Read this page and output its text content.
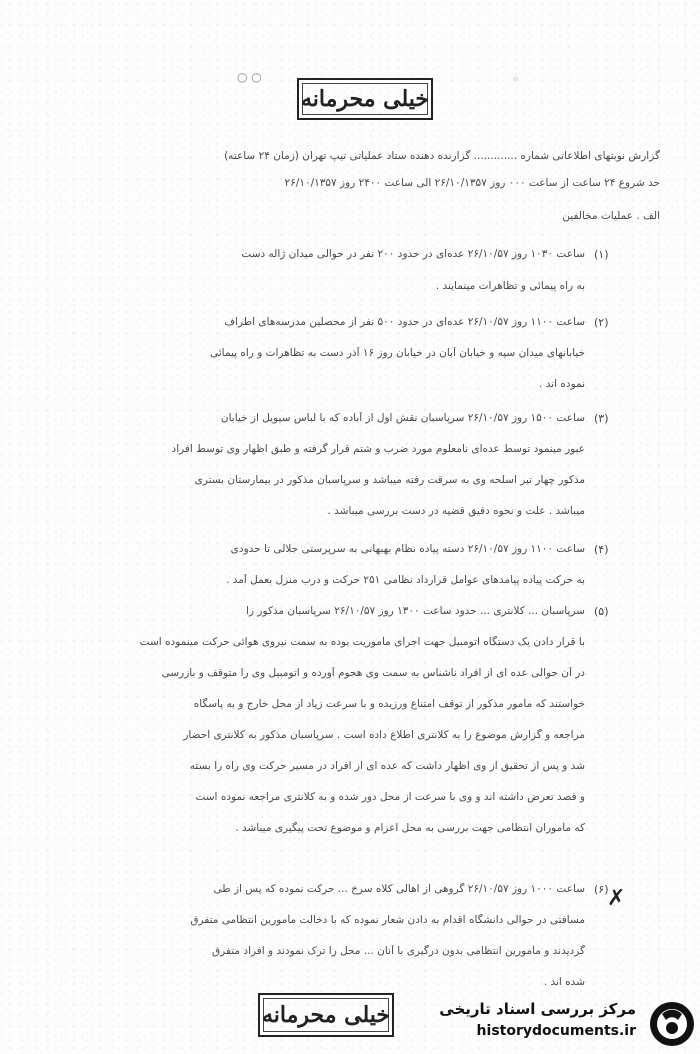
○ ○	◦
خیلی محرمانه
گزارش نوبتهای اطلاعاتی شماره ............. گزارنده دهنده ستاد عملیاتی تیپ تهران (زمان ۲۴ ساعته)
حد شروع ۲۴ ساعت از ساعت ۰۰۰ روز ۲۶/۱۰/۱۳۵۷ الی ساعت ۲۴۰۰ روز ۲۶/۱۰/۱۳۵۷
الف . عملیات مخالفین
(۱)
ساعت ۱۰۳۰ روز ۲۶/۱۰/۵۷ عده‌ای در حدود ۲۰۰ نفر در حوالی میدان ژاله دست
به راه پیمائی و تظاهرات مینمایند .
(۲)
ساعت ۱۱۰۰ روز ۲۶/۱۰/۵۷ عده‌ای در حدود ۵۰۰ نفر از محصلین مدرسه‌های اطراف
خیابانهای میدان سپه و خیابان آبان در خیابان روز ۱۶ آذر دست به تظاهرات و راه پیمائی
نموده اند .
(۳)
ساعت ۱۵۰۰ روز ۲۶/۱۰/۵۷ سرپاسبان نقش اول از آباده که با لباس سیویل از خیابان
عبور مینمود توسط عده‌ای نامعلوم مورد ضرب و شتم قرار گرفته و طبق اظهار وی توسط افراد
مذکور چهار تیر اسلحه وی به سرقت رفته میباشد و سرپاسبان مذکور در بیمارستان بستری
میباشد . علت و نحوه دقیق قضیه در دست بررسی میباشد .
(۴)
ساعت ۱۱۰۰ روز ۲۶/۱۰/۵۷ دسته پیاده نظام بهبهانی به سرپرستی جلالی تا حدودی
به حرکت پیاده پیامدهای عوامل قرارداد نظامی ۲۵۱ حرکت و درب منزل بعمل آمد .
(۵)
سرپاسبان ... کلانتری ... حدود ساعت ۱۳۰۰ روز ۲۶/۱۰/۵۷ سرپاسبان مذکور را
با قرار دادن یک دستگاه اتومبیل جهت اجرای مأموریت بوده به سمت نیروی هوائی حرکت مینموده است
در آن حوالی عده ای از افراد ناشناس به سمت وی هجوم آورده و اتومبیل وی را متوقف و بازرسی
خواستند که مأمور مذکور از توقف امتناع ورزیده و با سرعت زیاد از محل خارج و به پاسگاه
مراجعه و گزارش موضوع را به کلانتری اطلاع داده است . سرپاسبان مذکور به کلانتری احضار
شد و پس از تحقیق از وی اظهار داشت که عده ای از افراد در مسیر حرکت وی راه را بسته
و قصد تعرض داشته اند و وی با سرعت از محل دور شده و به کلانتری مراجعه نموده است
که مأموران انتظامی جهت بررسی به محل اعزام و موضوع تحت پیگیری میباشد .
(۶)
✗
ساعت ۱۰۰۰ روز ۲۶/۱۰/۵۷ گروهی از اهالی کلاه سرخ ... حرکت نموده که پس از طی
مسافتی در حوالی دانشگاه اقدام به دادن شعار نموده که با دخالت مأمورین انتظامی متفرق
گردیدند و مأمورین انتظامی بدون درگیری با آنان ... محل را ترک نمودند و افراد متفرق
شده اند .
خیلی محرمانه	مرکز بررسی اسناد تاریخی
historydocuments.ir
